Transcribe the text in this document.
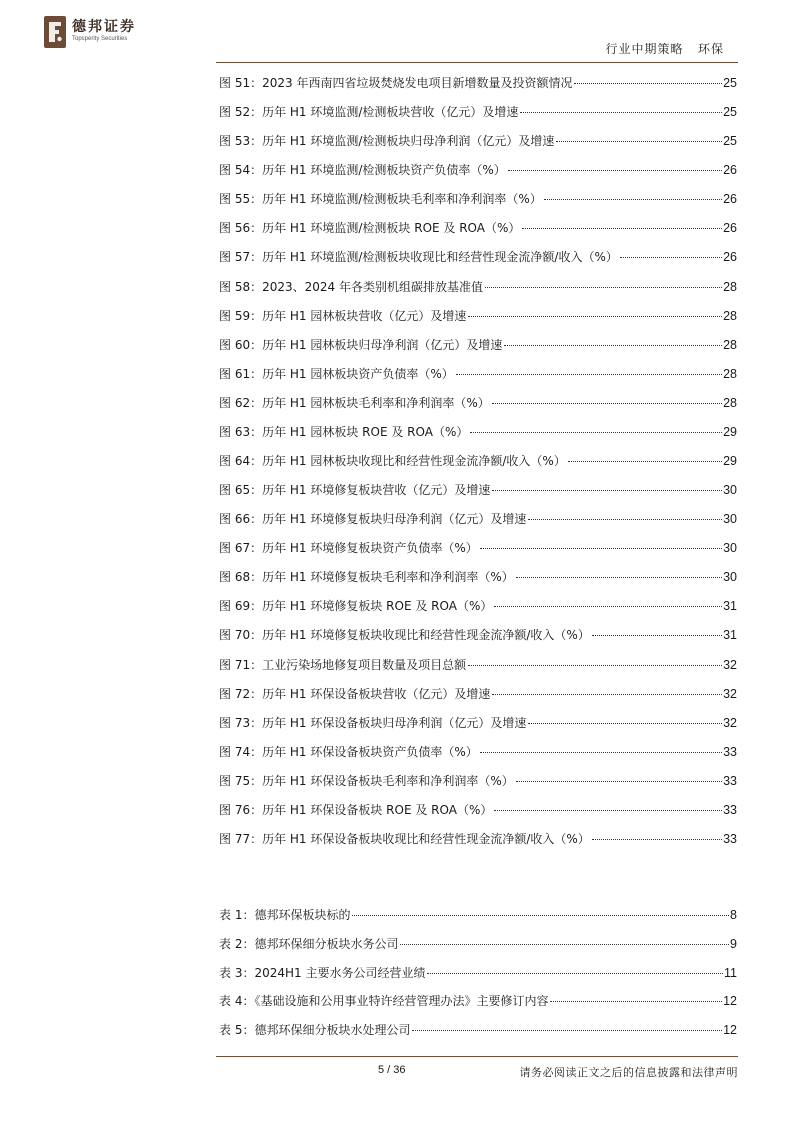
德邦证券
Topsperity Securities
行业中期策略 环保
图 51：2023 年西南四省垃圾焚烧发电项目新增数量及投资额情况	25
图 52：历年 H1 环境监测/检测板块营收（亿元）及增速	25
图 53：历年 H1 环境监测/检测板块归母净利润（亿元）及增速	25
图 54：历年 H1 环境监测/检测板块资产负债率（%）	26
图 55：历年 H1 环境监测/检测板块毛利率和净利润率（%）	26
图 56：历年 H1 环境监测/检测板块 ROE 及 ROA（%）	26
图 57：历年 H1 环境监测/检测板块收现比和经营性现金流净额/收入（%）	26
图 58：2023、2024 年各类别机组碳排放基准值	28
图 59：历年 H1 园林板块营收（亿元）及增速	28
图 60：历年 H1 园林板块归母净利润（亿元）及增速	28
图 61：历年 H1 园林板块资产负债率（%）	28
图 62：历年 H1 园林板块毛利率和净利润率（%）	28
图 63：历年 H1 园林板块 ROE 及 ROA（%）	29
图 64：历年 H1 园林板块收现比和经营性现金流净额/收入（%）	29
图 65：历年 H1 环境修复板块营收（亿元）及增速	30
图 66：历年 H1 环境修复板块归母净利润（亿元）及增速	30
图 67：历年 H1 环境修复板块资产负债率（%）	30
图 68：历年 H1 环境修复板块毛利率和净利润率（%）	30
图 69：历年 H1 环境修复板块 ROE 及 ROA（%）	31
图 70：历年 H1 环境修复板块收现比和经营性现金流净额/收入（%）	31
图 71：工业污染场地修复项目数量及项目总额	32
图 72：历年 H1 环保设备板块营收（亿元）及增速	32
图 73：历年 H1 环保设备板块归母净利润（亿元）及增速	32
图 74：历年 H1 环保设备板块资产负债率（%）	33
图 75：历年 H1 环保设备板块毛利率和净利润率（%）	33
图 76：历年 H1 环保设备板块 ROE 及 ROA（%）	33
图 77：历年 H1 环保设备板块收现比和经营性现金流净额/收入（%）	33
表 1：德邦环保板块标的	8
表 2：德邦环保细分板块水务公司	9
表 3：2024H1 主要水务公司经营业绩	11
表 4：《基础设施和公用事业特许经营管理办法》主要修订内容	12
表 5：德邦环保细分板块水处理公司	12
5 / 36	请务必阅读正文之后的信息披露和法律声明
